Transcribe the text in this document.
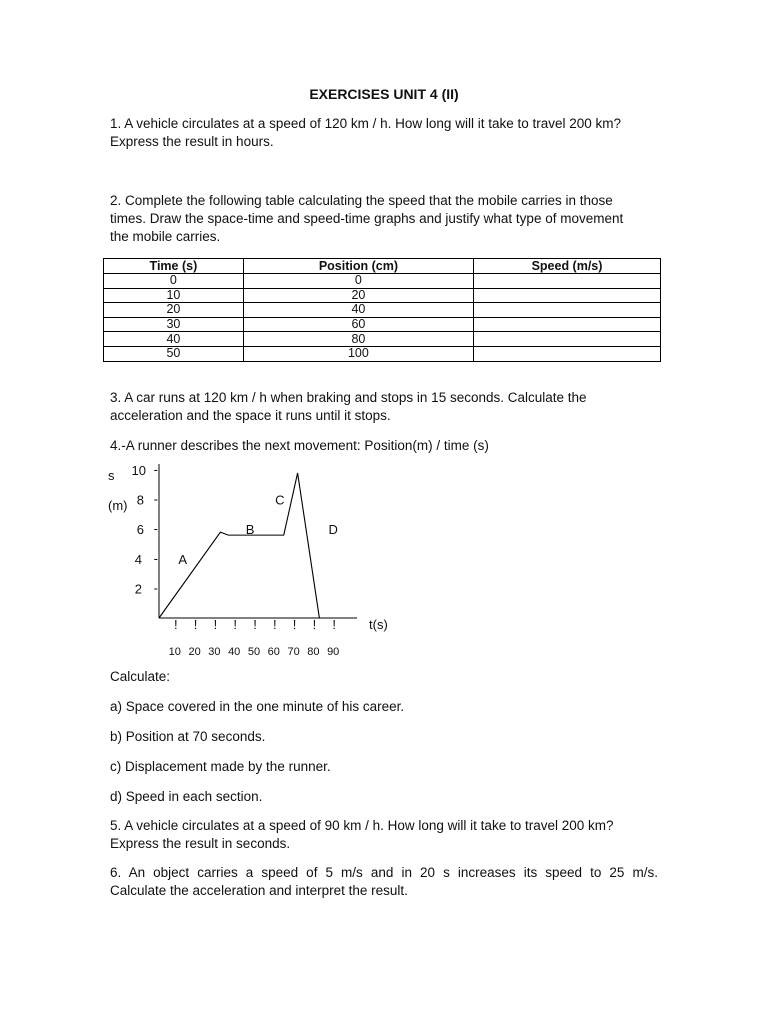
EXERCISES UNIT 4 (II)
1. A vehicle circulates at a speed of 120 km / h. How long will it take to travel 200 km?
Express the result in hours.
2. Complete the following table calculating the speed that the mobile carries in those
times. Draw the space-time and speed-time graphs and justify what type of movement
the mobile carries.
Time (s)	Position (cm)	Speed (m/s)
0	0	
10	20	
20	40	
30	60	
40	80	
50	100	
3. A car runs at 120 km / h when braking and stops in 15 seconds. Calculate the
acceleration and the space it runs until it stops.
4.-A runner describes the next movement: Position(m) / time (s)
s
(m)
10 -
8 -
6 -
4 -
2 -
!
10
!
20
!
30
!
40
!
50
!
60
!
70
!
80
!
90
t(s)
A
B
C
D
Calculate:
a) Space covered in the one minute of his career.
b) Position at 70 seconds.
c) Displacement made by the runner.
d) Speed in each section.
5. A vehicle circulates at a speed of 90 km / h. How long will it take to travel 200 km?
Express the result in seconds.
6. An object carries a speed of 5 m/s and in 20 s increases its speed to 25 m/s.
Calculate the acceleration and interpret the result.
